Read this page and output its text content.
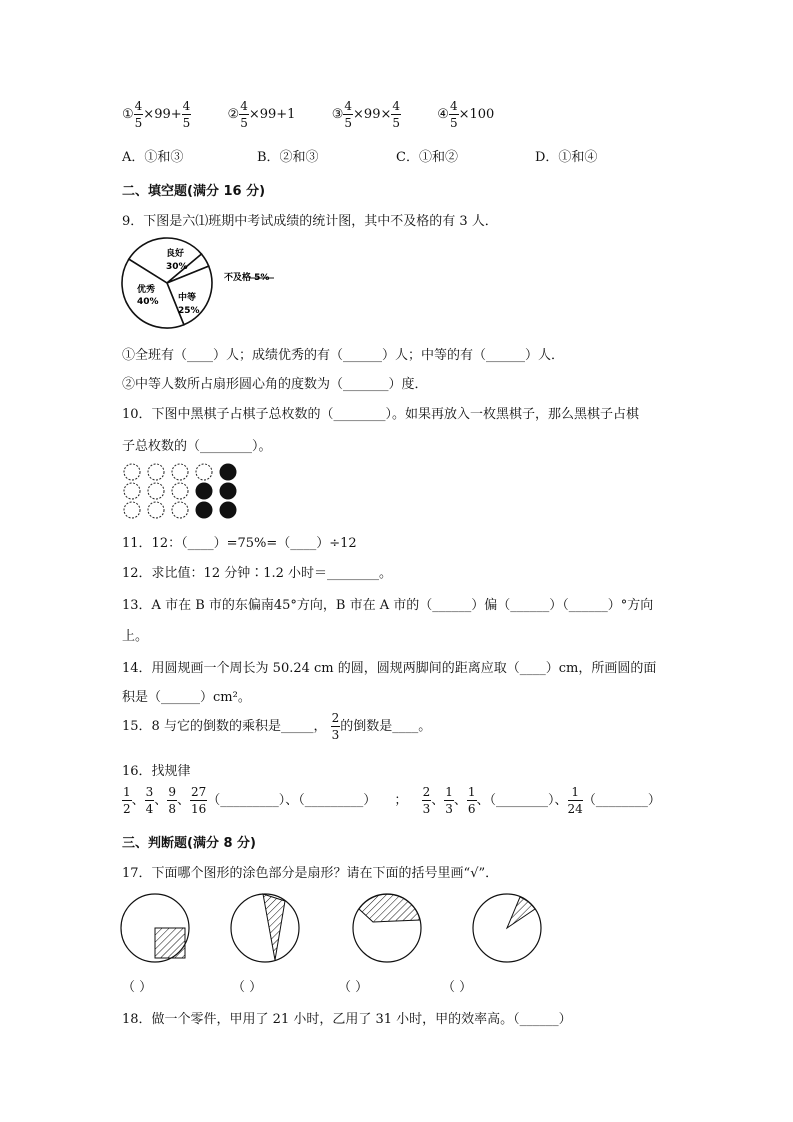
① $\frac{4}{5} \times 99+ \frac{4}{5}$	② $\frac{4}{5} \times 99+1$	③ $\frac{4}{5} \times 99\times \frac{4}{5}$	④ $\frac{4}{5} \times 100$
A．①和③	B．②和③	C．①和②	D．①和④
二、填空题(满分 16 分)
9．下图是六⑴班期中考试成绩的统计图，其中不及格的有 3 人．
不及格 5%
良好
30%
优秀
40% 中等
25%
①全班有（____）人；成绩优秀的有（______）人；中等的有（______）人．
②中等人数所占扇形圆心角的度数为（_______）度．
10．下图中黑棋子占棋子总枚数的（________）。如果再放入一枚黑棋子，那么黑棋子占棋
子总枚数的（________）。
11．12：（____）=75%=（____）÷12
12．求比值：12 分钟∶1.2 小时＝________。
13．A 市在 B 市的东偏南45°方向，B 市在 A 市的（______）偏（______）（______）°方向
上。
14．用圆规画一个周长为 50.24 cm 的圆，圆规两脚间的距离应取（____）cm，所画圆的面
积是（______）cm²。
15．8 与它的倒数的乘积是_____， $\frac{2}{3}$ 的倒数是____。
16．找规律
$\frac{1}{2}$ 、 $\frac{3}{4}$ 、 $\frac{9}{8}$ 、 $\frac{27}{16}$ （_________）、（_________） ； $\frac{2}{3}$ 、 $\frac{1}{3}$ 、 $\frac{1}{6}$ 、（________）、 $\frac{1}{24}$ （________）
三、判断题(满分 8 分)
17．下面哪个图形的涂色部分是扇形？请在下面的括号里画“√”．
（ ）	（ ）	（ ）	（ ）
18．做一个零件，甲用了 21 小时，乙用了 31 小时，甲的效率高。（______）
